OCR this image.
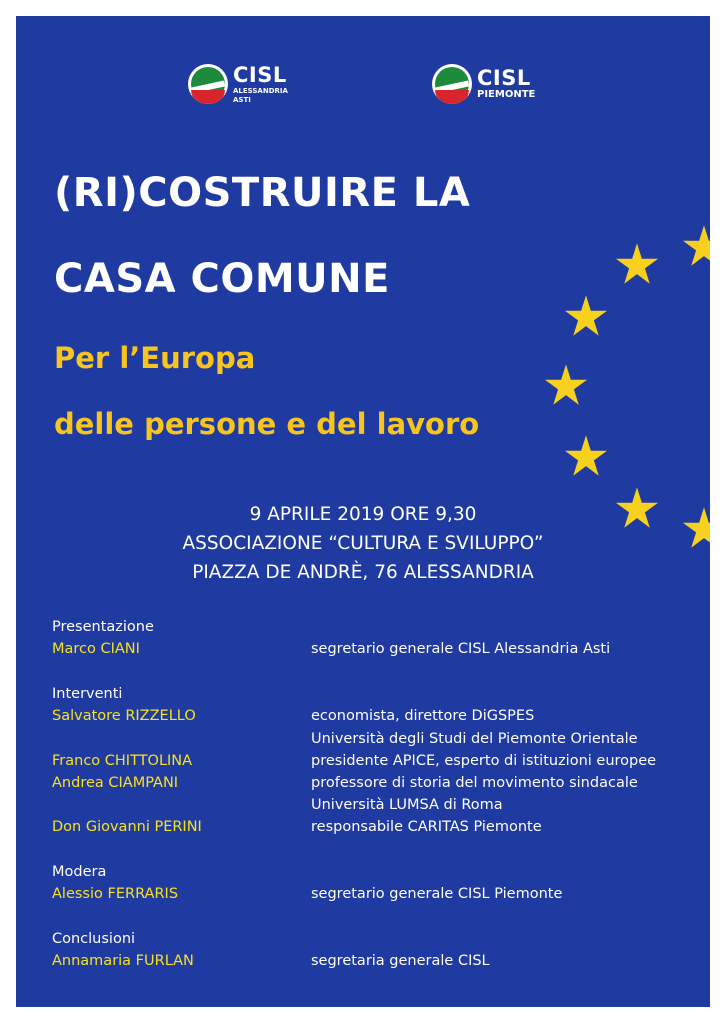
CISL
ALESSANDRIA
ASTI
CISL
PIEMONTE
(RI)COSTRUIRE LA
CASA COMUNE
Per l’Europa
delle persone e del lavoro
9 APRILE 2019 ORE 9,30
ASSOCIAZIONE “CULTURA E SVILUPPO”
PIAZZA DE ANDRÈ, 76 ALESSANDRIA
Presentazione
Marco CIANI	segretario generale CISL Alessandria Asti
Interventi
Salvatore RIZZELLO	economista, direttore DiGSPES
Università degli Studi del Piemonte Orientale
Franco CHITTOLINA	presidente APICE, esperto di istituzioni europee
Andrea CIAMPANI	professore di storia del movimento sindacale
Università LUMSA di Roma
Don Giovanni PERINI	responsabile CARITAS Piemonte
Modera
Alessio FERRARIS	segretario generale CISL Piemonte
Conclusioni
Annamaria FURLAN	segretaria generale CISL
